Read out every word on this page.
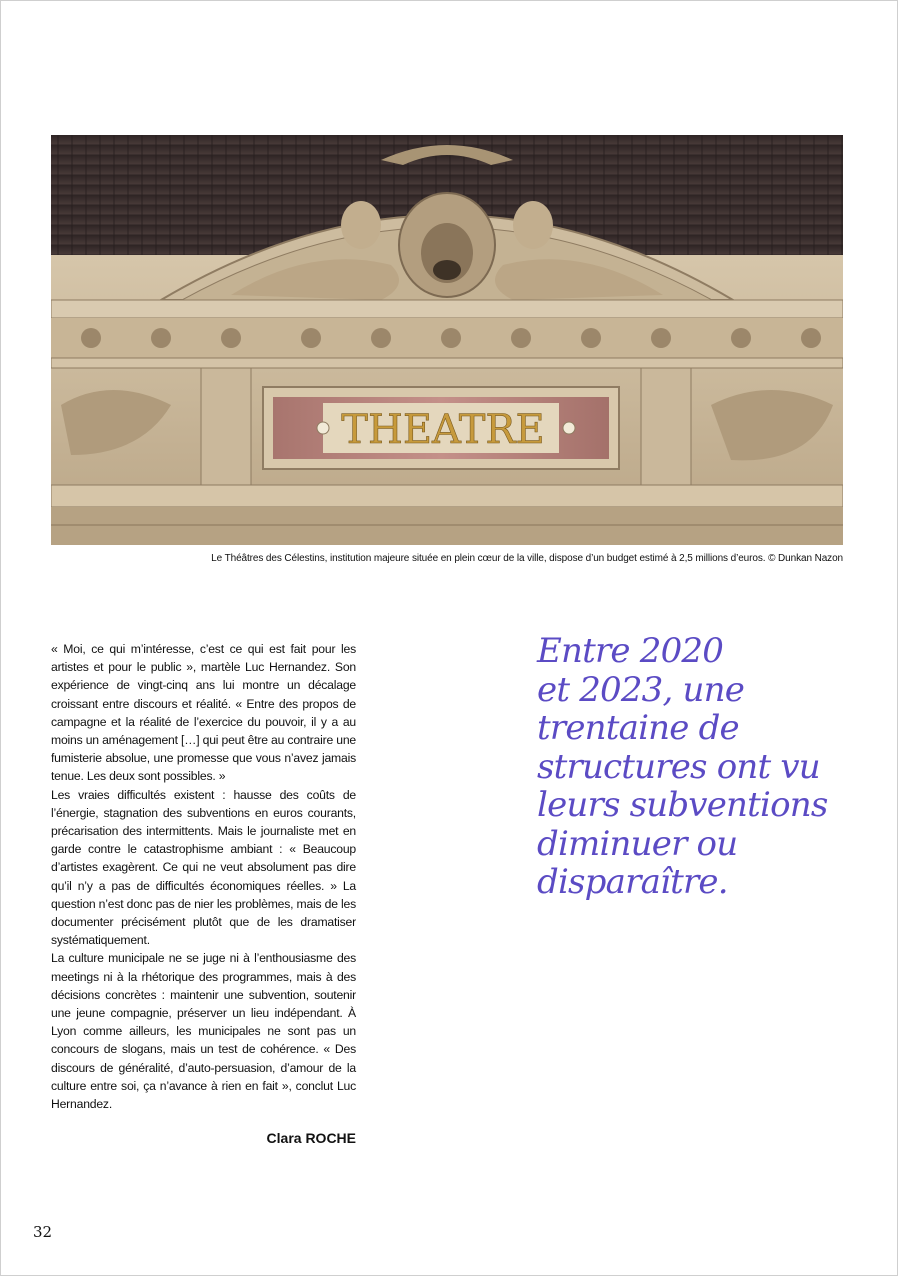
THEATRE
Le Théâtres des Célestins, institution majeure située en plein cœur de la ville, dispose d’un budget estimé à 2,5 millions d’euros. © Dunkan Nazon

« Moi, ce qui m’intéresse, c’est ce qui est fait pour les artistes et pour le public », martèle Luc Hernandez. Son expérience de vingt-cinq ans lui montre un décalage croissant entre discours et réalité. « Entre des propos de campagne et la réalité de l’exercice du pouvoir, il y a au moins un aménagement […] qui peut être au contraire une fumisterie absolue, une promesse que vous n’avez jamais tenue. Les deux sont possibles. »

Les vraies difficultés existent : hausse des coûts de l’énergie, stagnation des subventions en euros courants, précarisation des intermittents. Mais le journaliste met en garde contre le catastrophisme ambiant : « Beaucoup d’artistes exagèrent. Ce qui ne veut absolument pas dire qu’il n’y a pas de difficultés économiques réelles. » La question n’est donc pas de nier les problèmes, mais de les documenter précisément plutôt que de les dramatiser systématiquement.

La culture municipale ne se juge ni à l’enthousiasme des meetings ni à la rhétorique des programmes, mais à des décisions concrètes : maintenir une subvention, soutenir une jeune compagnie, préserver un lieu indépendant. À Lyon comme ailleurs, les municipales ne sont pas un concours de slogans, mais un test de cohérence. « Des discours de généralité, d’auto-persuasion, d’amour de la culture entre soi, ça n’avance à rien en fait », conclut Luc Hernandez.

Clara ROCHE
Entre 2020
et 2023, une
trentaine de
structures ont vu
leurs subventions
diminuer ou
disparaître.
32
